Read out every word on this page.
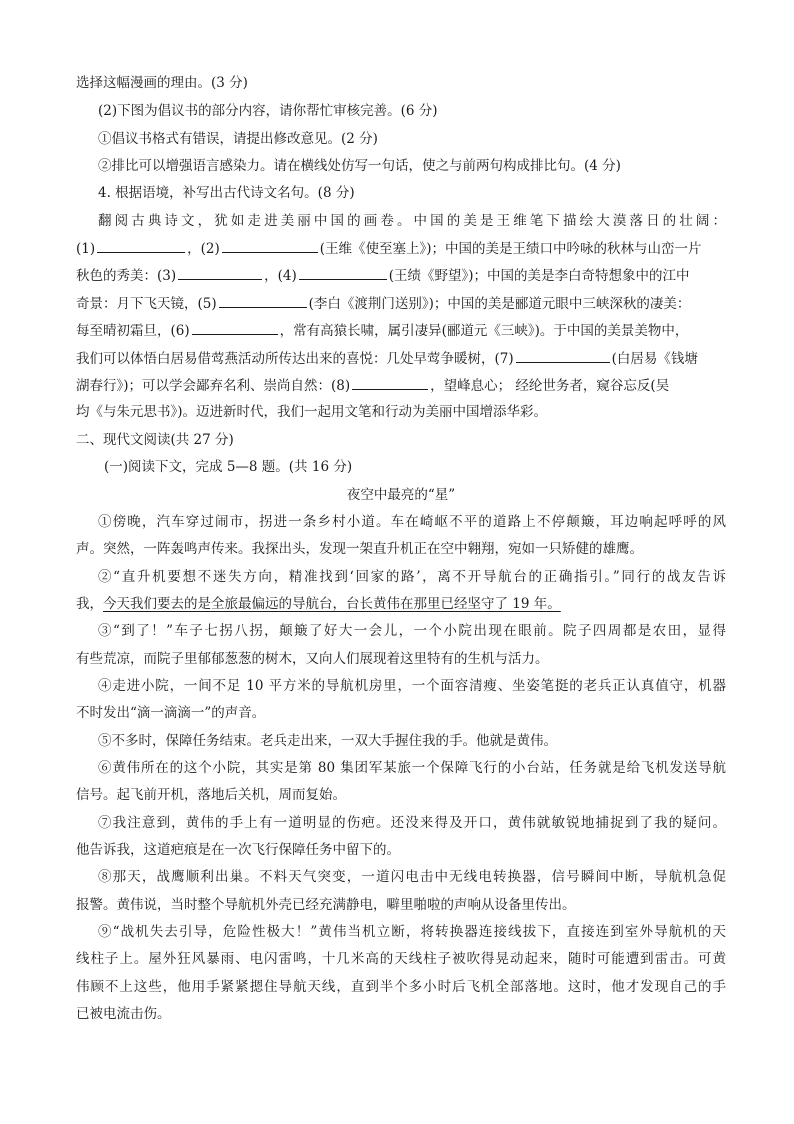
选择这幅漫画的理由。(3 分)
(2)下图为倡议书的部分内容，请你帮忙审核完善。(6 分)
①倡议书格式有错误，请提出修改意见。(2 分)
②排比可以增强语言感染力。请在横线处仿写一句话，使之与前两句构成排比句。(4 分)
4. 根据语境，补写出古代诗文名句。(8 分)
翻阅古典诗文，犹如走进美丽中国的画卷。中国的美是王维笔下描绘大漠落日的壮阔：
(1)	，(2)	(王维《使至塞上》)；中国的美是王绩口中吟咏的秋林与山峦一片
秋色的秀美：(3)	，(4)	(王绩《野望》)；中国的美是李白奇特想象中的江中
奇景：月下飞天镜，(5)	(李白《渡荆门送别》)；中国的美是郦道元眼中三峡深秋的凄美：
每至晴初霜旦，(6)	，常有高猿长啸，属引凄异(郦道元《三峡》)。于中国的美景美物中，
我们可以体悟白居易借莺燕活动所传达出来的喜悦：几处早莺争暖树，(7)	(白居易《钱塘
湖春行》)；可以学会鄙弃名利、崇尚自然：(8)	，望峰息心； 经纶世务者，窥谷忘反(吴
均《与朱元思书》)。迈进新时代，我们一起用文笔和行动为美丽中国增添华彩。
二、现代文阅读(共 27 分)
(一)阅读下文，完成 5—8 题。(共 16 分)
夜空中最亮的“星”
①傍晚，汽车穿过闹市，拐进一条乡村小道。车在崎岖不平的道路上不停颠簸，耳边响起呼呼的风
声。突然，一阵轰鸣声传来。我探出头，发现一架直升机正在空中翱翔，宛如一只矫健的雄鹰。
②“直升机要想不迷失方向，精准找到‘回家的路’，离不开导航台的正确指引。”同行的战友告诉
我，今天我们要去的是全旅最偏远的导航台，台长黄伟在那里已经坚守了 19 年。
③“到了！”车子七拐八拐，颠簸了好大一会儿，一个小院出现在眼前。院子四周都是农田，显得
有些荒凉，而院子里郁郁葱葱的树木，又向人们展现着这里特有的生机与活力。
④走进小院，一间不足 10 平方米的导航机房里，一个面容清瘦、坐姿笔挺的老兵正认真值守，机器
不时发出“滴一滴滴一”的声音。
⑤不多时，保障任务结束。老兵走出来，一双大手握住我的手。他就是黄伟。
⑥黄伟所在的这个小院，其实是第 80 集团军某旅一个保障飞行的小台站，任务就是给飞机发送导航
信号。起飞前开机，落地后关机，周而复始。
⑦我注意到，黄伟的手上有一道明显的伤疤。还没来得及开口，黄伟就敏锐地捕捉到了我的疑问。
他告诉我，这道疤痕是在一次飞行保障任务中留下的。
⑧那天，战鹰顺利出巢。不料天气突变，一道闪电击中无线电转换器，信号瞬间中断，导航机急促
报警。黄伟说，当时整个导航机外壳已经充满静电，噼里啪啦的声响从设备里传出。
⑨“战机失去引导，危险性极大！”黄伟当机立断，将转换器连接线拔下，直接连到室外导航机的天
线柱子上。屋外狂风暴雨、电闪雷鸣，十几米高的天线柱子被吹得晃动起来，随时可能遭到雷击。可黄
伟顾不上这些，他用手紧紧摁住导航天线，直到半个多小时后飞机全部落地。这时，他才发现自己的手
已被电流击伤。
